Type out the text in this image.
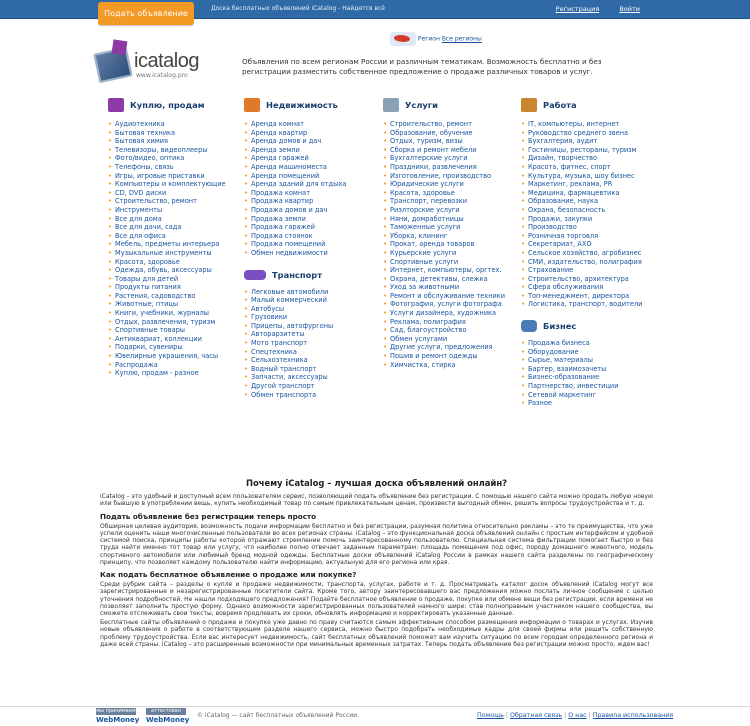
Подать объявление
Доска бесплатных объявлений iCatalog - Найдется всё	Регистрация	Войти
Регион Все регионы
icatalog
www.icatalog.pro
Объявления по всем регионам России и различным тематикам. Возможность бесплатно и без регистрации разместить собственное предложение о продаже различных товаров и услуг.
Куплю, продам
• Аудиотехника
• Бытовая техника
• Бытовая химия
• Телевизоры, видеоплееры
• Фото/видео, оптика
• Телефоны, связь
• Игры, игровые приставки
• Компьютеры и комплектующие
• CD, DVD диски
• Строительство, ремонт
• Инструменты
• Все для дома
• Все для дачи, сада
• Все для офиса
• Мебель, предметы интерьера
• Музыкальные инструменты
• Красота, здоровье
• Одежда, обувь, аксессуары
• Товары для детей
• Продукты питания
• Растения, садоводство
• Животные, птицы
• Книги, учебники, журналы
• Отдых, развлечения, туризм
• Спортивные товары
• Антиквариат, коллекции
• Подарки, сувениры
• Ювелирные украшения, часы
• Распродажа
• Куплю, продам - разное
Недвижимость
• Аренда комнат
• Аренда квартир
• Аренда домов и дач
• Аренда земли
• Аренда гаражей
• Аренда машиноместа
• Аренда помещений
• Аренда зданий для отдыха
• Продажа комнат
• Продажа квартир
• Продажа домов и дач
• Продажа земли
• Продажа гаражей
• Продажа стоянок
• Продажа помещений
• Обмен недвижимости
Транспорт
• Легковые автомобили
• Малый коммерческий
• Автобусы
• Грузовики
• Прицепы, автофургоны
• Авторарзитеты
• Мото транспорт
• Спецтехника
• Сельхозтехника
• Водный транспорт
• Запчасти, аксессуары
• Другой транспорт
• Обмен транспорта
Услуги
• Строительство, ремонт
• Образование, обучение
• Отдых, туризм, визы
• Сборка и ремонт мебели
• Бухгалтерские услуги
• Праздники, развлечения
• Изготовление, производство
• Юридические услуги
• Красота, здоровье
• Транспорт, перевозки
• Риэлторские услуги
• Няни, домработницы
• Таможенные услуги
• Уборка, клининг
• Прокат, аренда товаров
• Курьерские услуги
• Спортивные услуги
• Интернет, компьютеры, оргтех.
• Охрана, детективы, слежка
• Уход за животными
• Ремонт и обслуживание техники
• Фотография, услуги фотографа
• Услуги дизайнера, художника
• Реклама, полиграфия
• Сад, благоустройство
• Обмен услугами
• Другие услуги, предложения
• Пошив и ремонт одежды
• Химчистка, стирка
Работа
• IT, компьютеры, интернет
• Руководство среднего звена
• Бухгалтерия, аудит
• Гостиницы, рестораны, туризм
• Дизайн, творчество
• Красота, фитнес, спорт
• Культура, музыка, шоу бизнес
• Маркетинг, реклама, PR
• Медицина, фармацевтика
• Образование, наука
• Охрана, безопасность
• Продажи, закупки
• Производство
• Розничная торговля
• Секретариат, АХО
• Сельское хозяйство, агробизнес
• СМИ, издательство, полиграфия
• Страхование
• Строительство, архитектура
• Сфера обслуживания
• Топ-менеджмент, директора
• Логистика, транспорт, водители
Бизнес
• Продажа бизнеса
• Оборудование
• Сырье, материалы
• Бартер, взаимозачеты
• Бизнес-образование
• Партнерство, инвестиции
• Сетевой маркетинг
• Разное
Почему iCatalog – лучшая доска объявлений онлайн?

iCatalog – это удобный и доступный всем пользователям сервис, позволяющий подать объявление без регистрации. С помощью нашего сайта можно продать любую новую или бывшую в употреблении вещь, купить необходимый товар по самым привлекательным ценам, произвести выгодный обмен, решить вопросы трудоустройства и т. д.

Подать объявление без регистрации теперь просто

Обширная целевая аудитория, возможность подачи информации бесплатно и без регистрации, разумная политика относительно рекламы – это те преимущества, что уже успели оценить наши многочисленные пользователи во всех регионах страны. iCatalog – это функциональная доска объявлений онлайн с простым интерфейсом и удобной системой поиска, принципы работы которой отражают стремление помочь заинтересованному пользователю. Специальная система фильтрации помогает быстро и без труда найти именно тот товар или услугу, что наиболее полно отвечает заданным параметрам: площадь помещения под офис, породу домашнего животного, модель спортивного автомобиля или любимый бренд модной одежды. Бесплатные доски объявлений iCatalog России в рамках нашего сайта разделены по географическому принципу, что позволяет каждому пользователю найти информацию, актуальную для его региона или края.

Как подать бесплатное объявление о продаже или покупке?

Среди рубрик сайта – разделы о купле и продаже недвижимости, транспорта, услугах, работе и т. д. Просматривать каталог досок объявлений iCatalog могут все зарегистрированные и незарегистрированные посетители сайта. Кроме того, автору заинтересовавшего вас предложения можно послать личное сообщение с целью уточнения подробностей. Не нашли подходящего предложения? Подайте бесплатное объявление о продаже, покупке или обмене вещи без регистрации, если времени не позволяет заполнить простую форму. Однако возможности зарегистрированных пользователей намного шире: став полноправным участником нашего сообщества, вы сможете отслеживать свои тексты, вовремя продлевать их сроки, обновлять информацию и корректировать указанные данные.

Бесплатные сайты объявлений о продаже и покупке уже давно по праву считаются самым эффективным способом размещения информации о товарах и услугах. Изучив новые объявления о работе в соответствующем разделе нашего сервиса, можно быстро подобрать необходимые кадры для своей фирмы или решить собственную проблему трудоустройства. Если вас интересует недвижимость, сайт бесплатных объявлений поможет вам изучить ситуацию по всем городам определенного региона и даже всей страны. iCatalog – это расширенные возможности при минимальных временных затратах. Теперь подать объявление без регистрации можно просто, ждем вас!

мы принимаем
WebMoney
аттестован
WebMoney
© iCatalog — сайт бесплатных объявлений России.	Помощь | Обратная связь | О нас | Правила использования
